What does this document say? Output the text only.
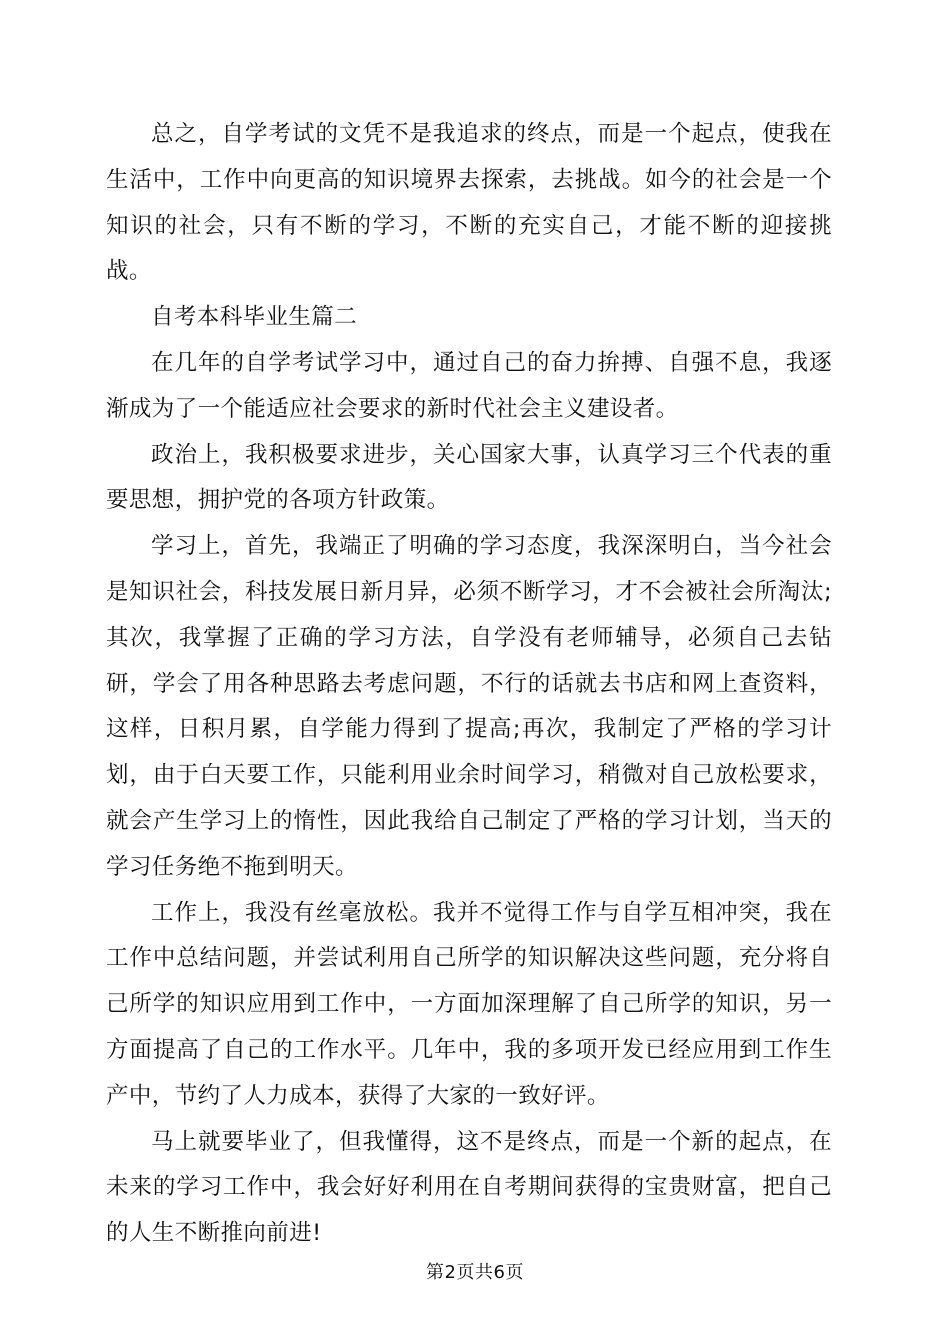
总之，自学考试的文凭不是我追求的终点，而是一个起点，使我在生活中，工作中向更高的知识境界去探索，去挑战。如今的社会是一个知识的社会，只有不断的学习，不断的充实自己，才能不断的迎接挑战。

自考本科毕业生篇二

在几年的自学考试学习中，通过自己的奋力拚搏、自强不息，我逐渐成为了一个能适应社会要求的新时代社会主义建设者。

政治上，我积极要求进步，关心国家大事，认真学习三个代表的重要思想，拥护党的各项方针政策。

学习上，首先，我端正了明确的学习态度，我深深明白，当今社会是知识社会，科技发展日新月异，必须不断学习，才不会被社会所淘汰;其次，我掌握了正确的学习方法，自学没有老师辅导，必须自己去钻研，学会了用各种思路去考虑问题，不行的话就去书店和网上查资料，这样，日积月累，自学能力得到了提高;再次，我制定了严格的学习计划，由于白天要工作，只能利用业余时间学习，稍微对自己放松要求，就会产生学习上的惰性，因此我给自己制定了严格的学习计划，当天的学习任务绝不拖到明天。

工作上，我没有丝毫放松。我并不觉得工作与自学互相冲突，我在工作中总结问题，并尝试利用自己所学的知识解决这些问题，充分将自己所学的知识应用到工作中，一方面加深理解了自己所学的知识，另一方面提高了自己的工作水平。几年中，我的多项开发已经应用到工作生产中，节约了人力成本，获得了大家的一致好评。

马上就要毕业了，但我懂得，这不是终点，而是一个新的起点，在未来的学习工作中，我会好好利用在自考期间获得的宝贵财富，把自己的人生不断推向前进!

第2页共6页
